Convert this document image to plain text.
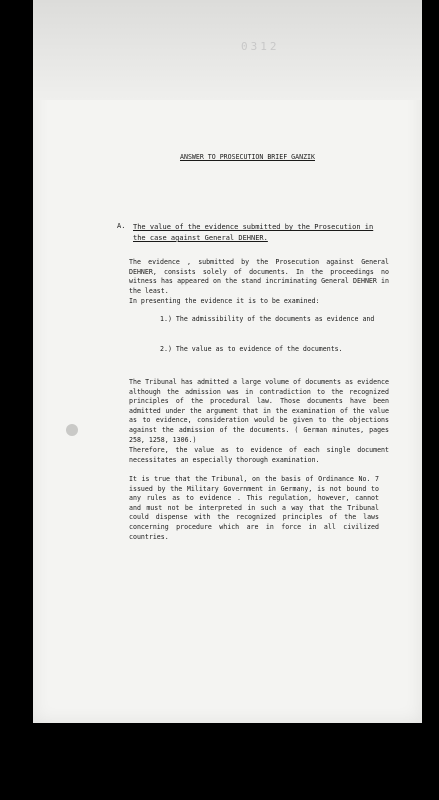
0312
ANSWER TO PROSECUTION BRIEF GANZIK
A. The value of the evidence submitted by the Prosecution in the case against General DEHNER.
The evidence , submitted by the Prosecution against General DEHNER, consists solely of documents. In the proceedings no witness has appeared on the stand incriminating General DEHNER in the least.
In presenting the evidence it is to be examined:
1.) The admissibility of the documents as evidence and
2.) The value as to evidence of the documents.
The Tribunal has admitted a large volume of documents as evidence although the admission was in contradiction to the recognized principles of the procedural law. Those documents have been admitted under the argument that in the examination of the value as to evidence, consideration would be given to the objections against the admission of the documents. ( German minutes, pages 258, 1258, 1306.)
Therefore, the value as to evidence of each single document necessitates an especially thorough examination.
It is true that the Tribunal, on the basis of Ordinance No. 7 issued by the Military Government in Germany, is not bound to any rules as to evidence . This regulation, however, cannot and must not be interpreted in such a way that the Tribunal could dispense with the recognized principles of the laws concerning procedure which are in force in all civilized countries.
